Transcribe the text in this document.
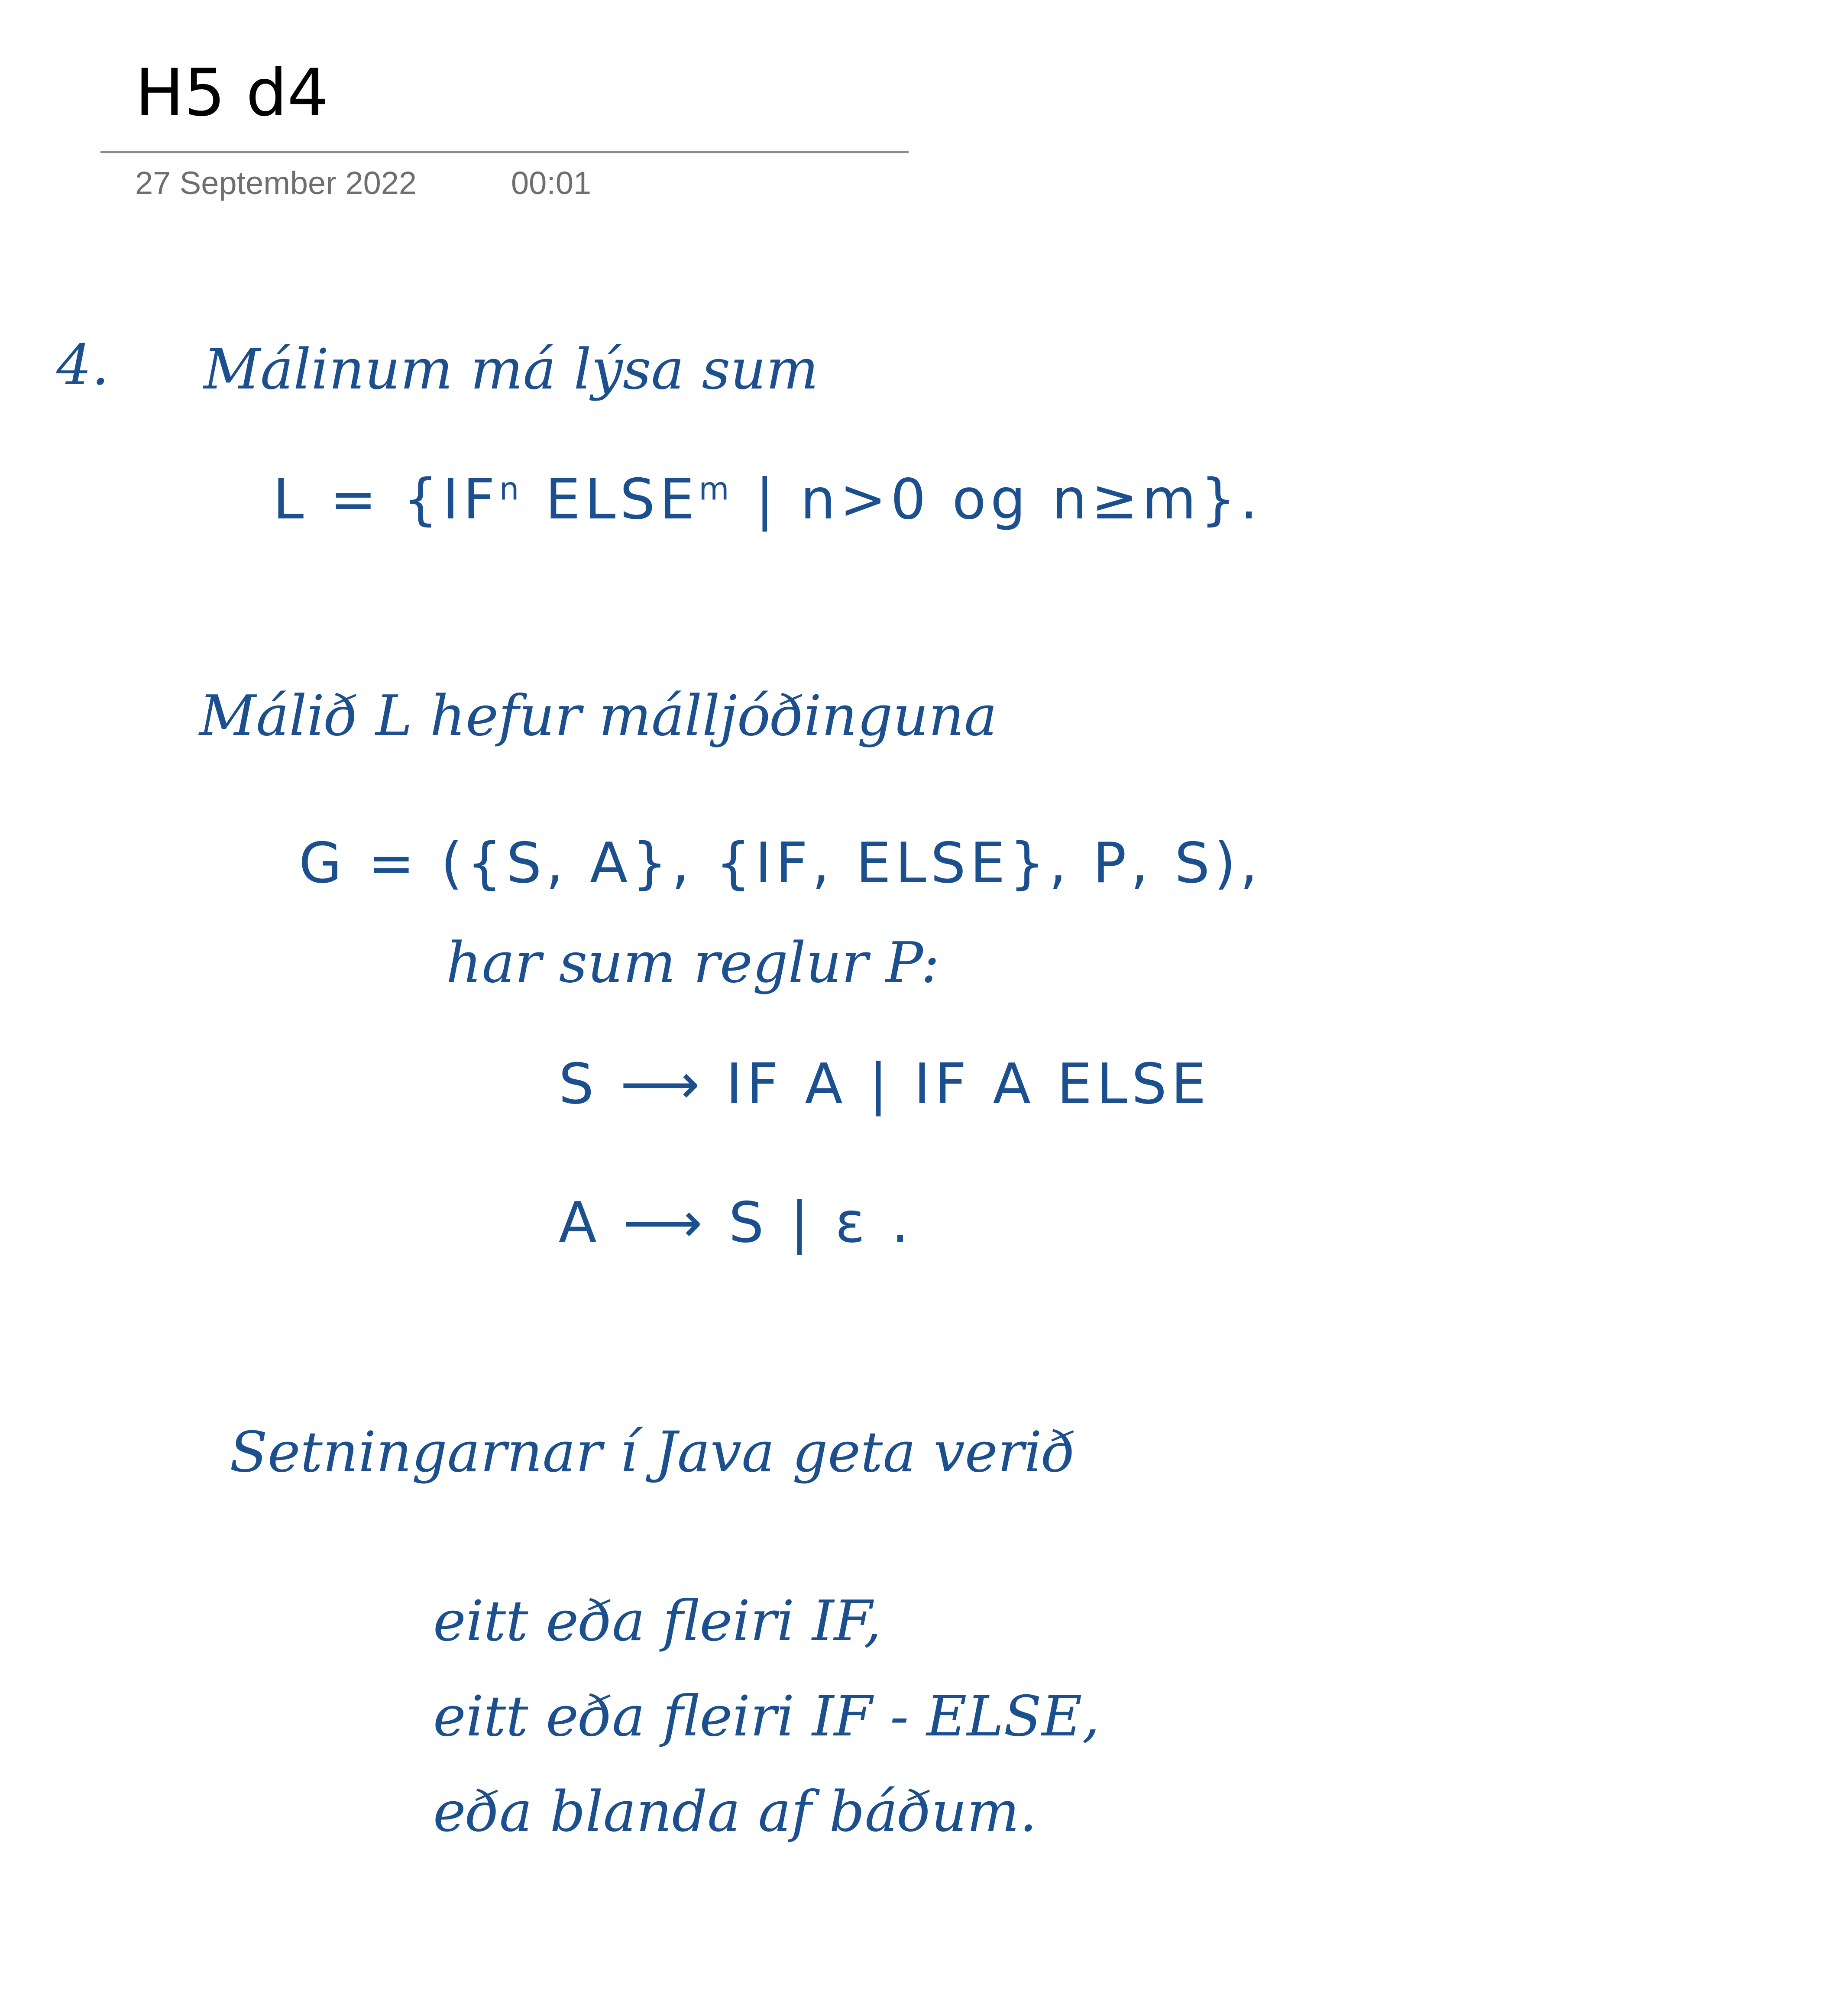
H5 d4
27 September 2022	00:01
4. Málinum má lýsa sum
$L = \{IF^n$ ELSE$^m$ | n>0 og n≥m}.
Málið L hefur málljóðinguna
G = ({S, A}, {IF, ELSE}, P, S),
har sum reglur P:
S ⟶ IF A | IF A ELSE
A ⟶ S | ε .
Setningarnar í Java geta verið
eitt eða fleiri IF,
eitt eða fleiri IF - ELSE,
eða blanda af báðum.
